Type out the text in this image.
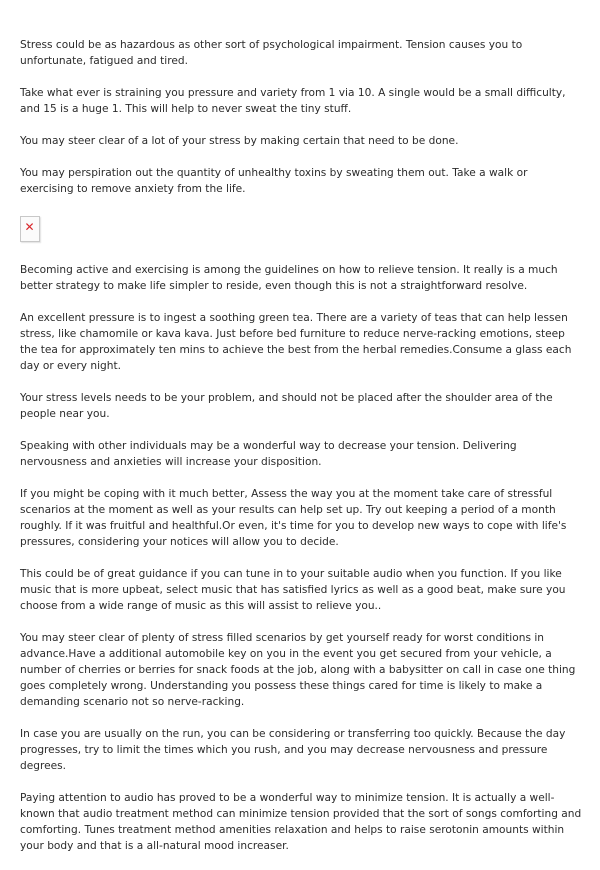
Stress could be as hazardous as other sort of psychological impairment. Tension causes you to unfortunate, fatigued and tired.

Take what ever is straining you pressure and variety from 1 via 10. A single would be a small difficulty, and 15 is a huge 1. This will help to never sweat the tiny stuff.

You may steer clear of a lot of your stress by making certain that need to be done.

You may perspiration out the quantity of unhealthy toxins by sweating them out. Take a walk or exercising to remove anxiety from the life.

✕

Becoming active and exercising is among the guidelines on how to relieve tension. It really is a much better strategy to make life simpler to reside, even though this is not a straightforward resolve.

An excellent pressure is to ingest a soothing green tea. There are a variety of teas that can help lessen stress, like chamomile or kava kava. Just before bed furniture to reduce nerve-racking emotions, steep the tea for approximately ten mins to achieve the best from the herbal remedies.Consume a glass each day or every night.

Your stress levels needs to be your problem, and should not be placed after the shoulder area of the people near you.

Speaking with other individuals may be a wonderful way to decrease your tension. Delivering nervousness and anxieties will increase your disposition.

If you might be coping with it much better, Assess the way you at the moment take care of stressful scenarios at the moment as well as your results can help set up. Try out keeping a period of a month roughly. If it was fruitful and healthful.Or even, it's time for you to develop new ways to cope with life's pressures, considering your notices will allow you to decide.

This could be of great guidance if you can tune in to your suitable audio when you function. If you like music that is more upbeat, select music that has satisfied lyrics as well as a good beat, make sure you choose from a wide range of music as this will assist to relieve you..

You may steer clear of plenty of stress filled scenarios by get yourself ready for worst conditions in advance.Have a additional automobile key on you in the event you get secured from your vehicle, a number of cherries or berries for snack foods at the job, along with a babysitter on call in case one thing goes completely wrong. Understanding you possess these things cared for time is likely to make a demanding scenario not so nerve-racking.

In case you are usually on the run, you can be considering or transferring too quickly. Because the day progresses, try to limit the times which you rush, and you may decrease nervousness and pressure degrees.

Paying attention to audio has proved to be a wonderful way to minimize tension. It is actually a well-known that audio treatment method can minimize tension provided that the sort of songs comforting and comforting. Tunes treatment method amenities relaxation and helps to raise serotonin amounts within your body and that is a all-natural mood increaser.
